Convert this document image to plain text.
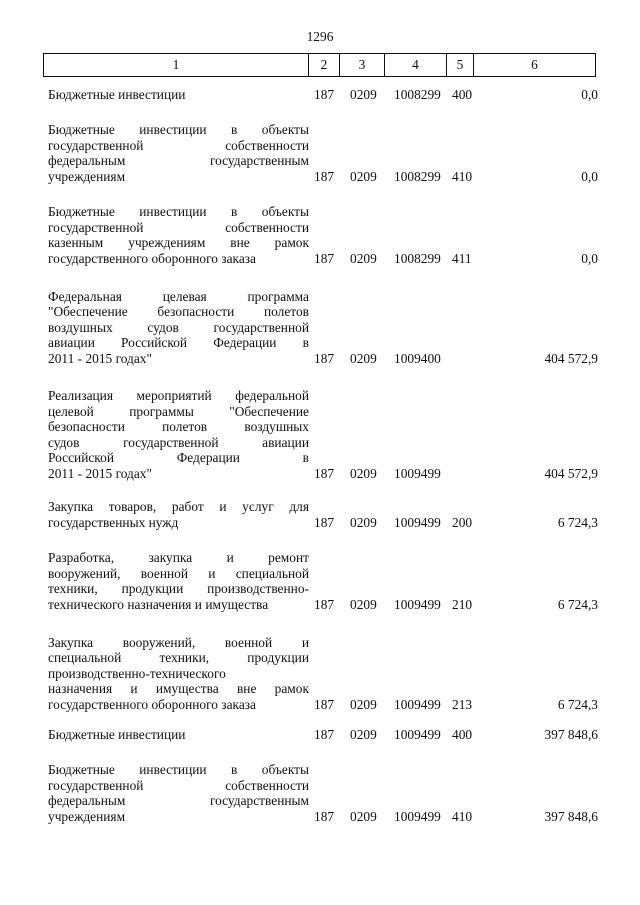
1296
1	2	3	4	5	6
Бюджетные инвестиции	187 0209 1008299 400	0,0
Бюджетные инвестиции в объекты
государственной собственности
федеральным государственным
учреждениям	187 0209 1008299 410	0,0
Бюджетные инвестиции в объекты
государственной собственности
казенным учреждениям вне рамок
государственного оборонного заказа	187 0209 1008299 411	0,0
Федеральная целевая программа
"Обеспечение безопасности полетов
воздушных судов государственной
авиации Российской Федерации в
2011 - 2015 годах"	187 0209 1009400	404 572,9
Реализация мероприятий федеральной
целевой программы "Обеспечение
безопасности полетов воздушных
судов государственной авиации
Российской Федерации в
2011 - 2015 годах"	187 0209 1009499	404 572,9
Закупка товаров, работ и услуг для
государственных нужд	187 0209 1009499 200	6 724,3
Разработка, закупка и ремонт
вооружений, военной и специальной
техники, продукции производственно-
технического назначения и имущества	187 0209 1009499 210	6 724,3
Закупка вооружений, военной и
специальной техники, продукции
производственно-технического
назначения и имущества вне рамок
государственного оборонного заказа	187 0209 1009499 213	6 724,3
Бюджетные инвестиции	187 0209 1009499 400	397 848,6
Бюджетные инвестиции в объекты
государственной собственности
федеральным государственным
учреждениям	187 0209 1009499 410	397 848,6
